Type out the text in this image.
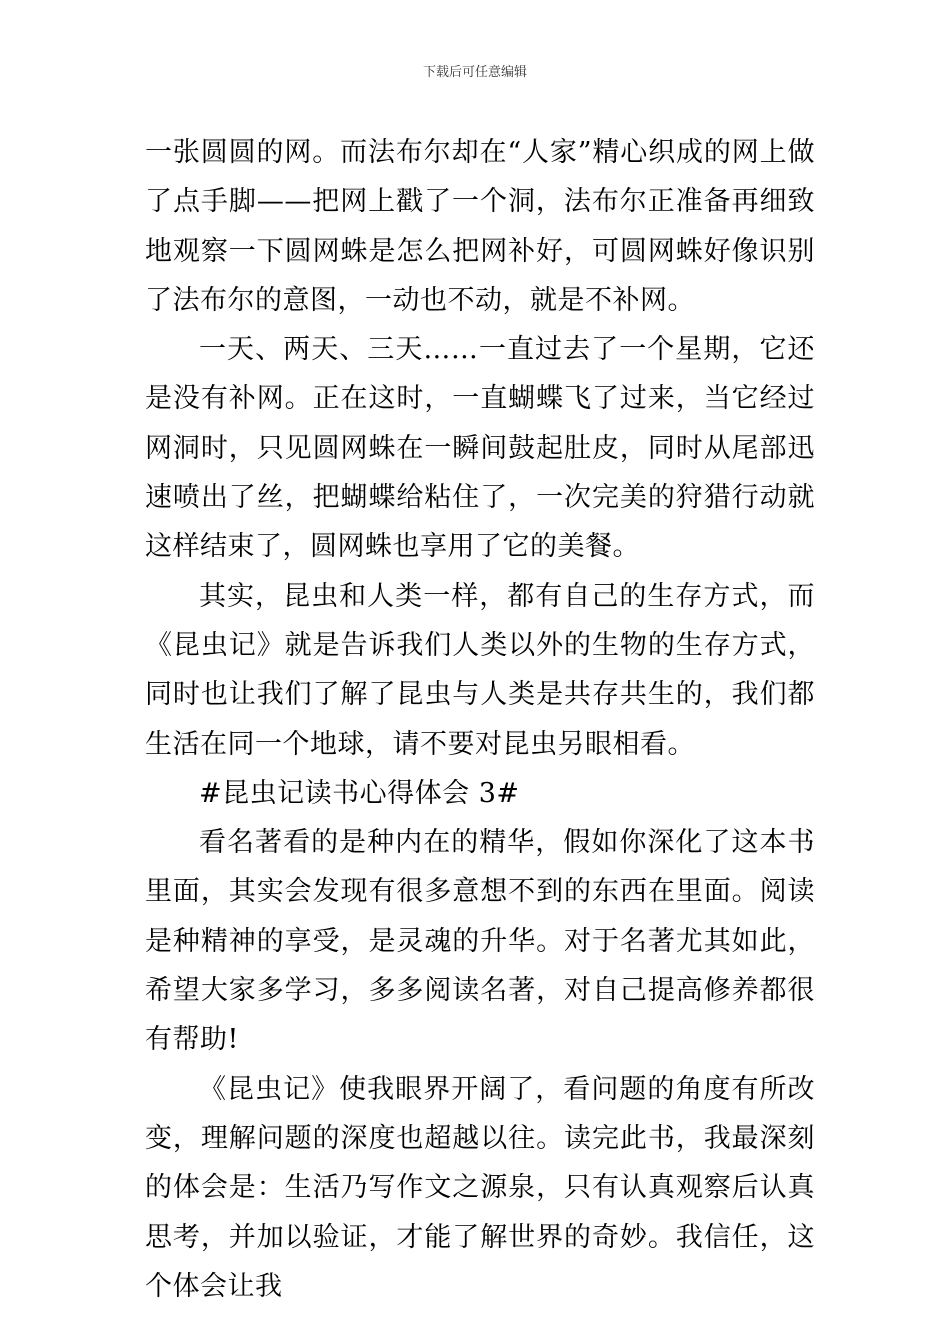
下载后可任意编辑

一张圆圆的网。而法布尔却在“人家”精心织成的网上做了点手脚——把网上戳了一个洞，法布尔正准备再细致地观察一下圆网蛛是怎么把网补好，可圆网蛛好像识别了法布尔的意图，一动也不动，就是不补网。

一天、两天、三天……一直过去了一个星期，它还是没有补网。正在这时，一直蝴蝶飞了过来，当它经过网洞时，只见圆网蛛在一瞬间鼓起肚皮，同时从尾部迅速喷出了丝，把蝴蝶给粘住了，一次完美的狩猎行动就这样结束了，圆网蛛也享用了它的美餐。

其实，昆虫和人类一样，都有自己的生存方式，而《昆虫记》就是告诉我们人类以外的生物的生存方式，同时也让我们了解了昆虫与人类是共存共生的，我们都生活在同一个地球，请不要对昆虫另眼相看。

#昆虫记读书心得体会 3#

看名著看的是种内在的精华，假如你深化了这本书里面，其实会发现有很多意想不到的东西在里面。阅读是种精神的享受，是灵魂的升华。对于名著尤其如此，希望大家多学习，多多阅读名著，对自己提高修养都很有帮助!

《昆虫记》使我眼界开阔了，看问题的角度有所改变，理解问题的深度也超越以往。读完此书，我最深刻的体会是：生活乃写作文之源泉，只有认真观察后认真思考，并加以验证，才能了解世界的奇妙。我信任，这个体会让我
